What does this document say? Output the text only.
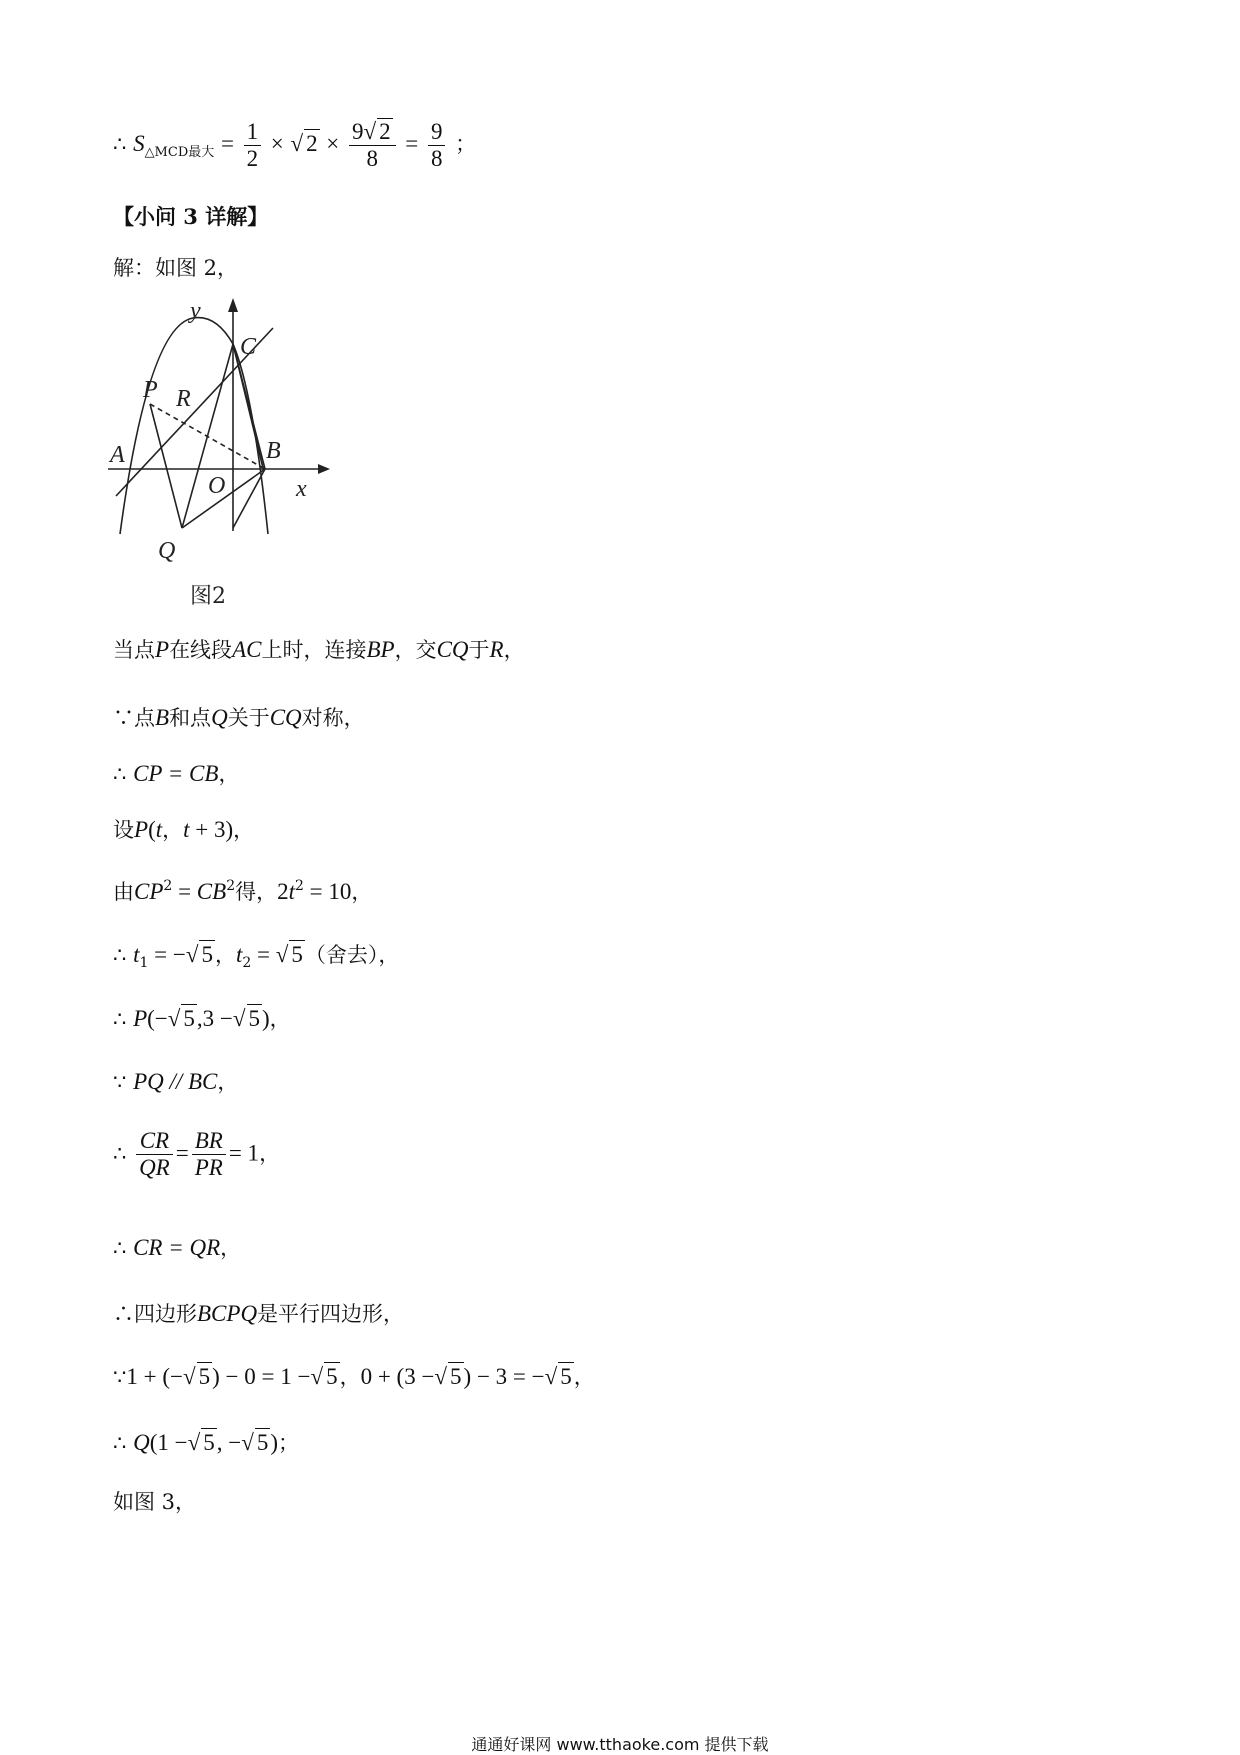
∴ $S_{\triangle MCD最大} = \frac{1}{2}$ × √ $2 \times \frac{9√ 2}{8} = \frac{9}{8}$ ；
【小问 3 详解】
解：如图 2，
y
x
C
P R
A	B
O
Q
图2
当点P在线段AC上时，连接BP，交CQ于R，
∵点B和点Q关于CQ对称，
∴ CP = CB，
设P(t，t + 3)，
由$CP^2 = CB^2$得，$2t^2 = 10$，
∴ $t_1$ = −√ 5，$t_2$ = √ 5（舍去），
∴ P(−√ 5,3 −√ 5)，
∵ PQ // BC，
∴ $\frac{CR}{QR} = \frac{BR}{PR} = 1$，
∴ CR = QR，
∴四边形BCPQ是平行四边形，
∵1 + (−√ 5) − 0 = 1 −√ 5，0 + (3 −√ 5) − 3 = −√ 5，
∴ Q(1 −√ 5, −√ 5)；
如图 3，
通通好课网 www.tthaoke.com 提供下载
